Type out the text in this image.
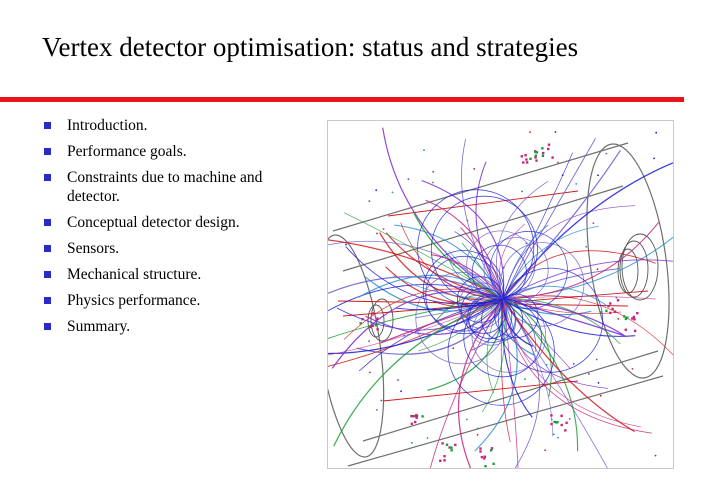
Vertex detector optimisation: status and strategies
Introduction.
Performance goals.
Constraints due to machine and detector.
Conceptual detector design.
Sensors.
Mechanical structure.
Physics performance.
Summary.
